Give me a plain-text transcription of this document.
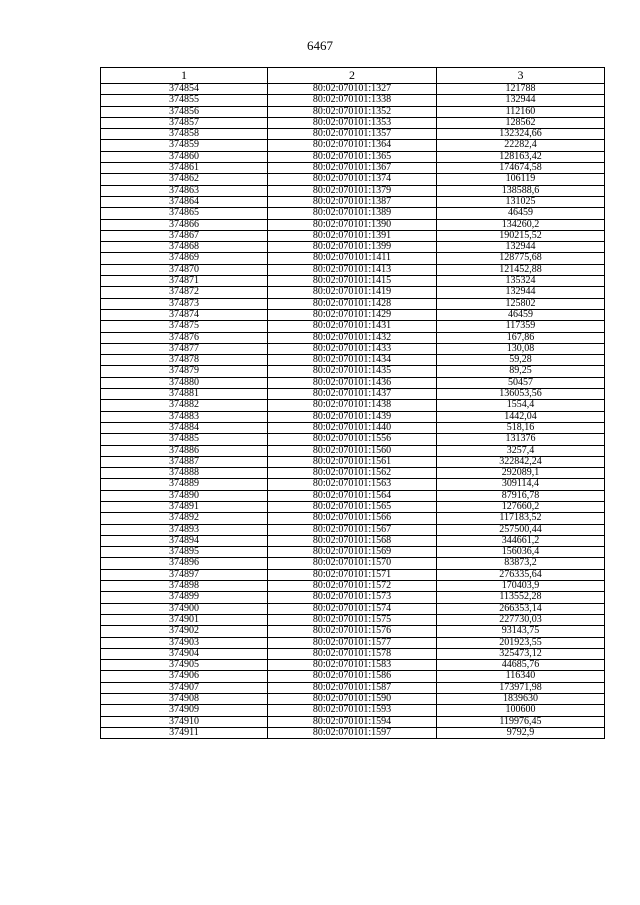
6467
1	2	3
374854	80:02:070101:1327	121788
374855	80:02:070101:1338	132944
374856	80:02:070101:1352	112160
374857	80:02:070101:1353	128562
374858	80:02:070101:1357	132324,66
374859	80:02:070101:1364	22282,4
374860	80:02:070101:1365	128163,42
374861	80:02:070101:1367	174674,58
374862	80:02:070101:1374	106119
374863	80:02:070101:1379	138588,6
374864	80:02:070101:1387	131025
374865	80:02:070101:1389	46459
374866	80:02:070101:1390	134260,2
374867	80:02:070101:1391	190215,52
374868	80:02:070101:1399	132944
374869	80:02:070101:1411	128775,68
374870	80:02:070101:1413	121452,88
374871	80:02:070101:1415	135324
374872	80:02:070101:1419	132944
374873	80:02:070101:1428	125802
374874	80:02:070101:1429	46459
374875	80:02:070101:1431	117359
374876	80:02:070101:1432	167,86
374877	80:02:070101:1433	130,08
374878	80:02:070101:1434	59,28
374879	80:02:070101:1435	89,25
374880	80:02:070101:1436	50457
374881	80:02:070101:1437	136053,56
374882	80:02:070101:1438	1554,4
374883	80:02:070101:1439	1442,04
374884	80:02:070101:1440	518,16
374885	80:02:070101:1556	131376
374886	80:02:070101:1560	3257,4
374887	80:02:070101:1561	322842,24
374888	80:02:070101:1562	292089,1
374889	80:02:070101:1563	309114,4
374890	80:02:070101:1564	87916,78
374891	80:02:070101:1565	127660,2
374892	80:02:070101:1566	117183,52
374893	80:02:070101:1567	257500,44
374894	80:02:070101:1568	344661,2
374895	80:02:070101:1569	156036,4
374896	80:02:070101:1570	83873,2
374897	80:02:070101:1571	276335,64
374898	80:02:070101:1572	170403,9
374899	80:02:070101:1573	113552,28
374900	80:02:070101:1574	266353,14
374901	80:02:070101:1575	227730,03
374902	80:02:070101:1576	93143,75
374903	80:02:070101:1577	201923,55
374904	80:02:070101:1578	325473,12
374905	80:02:070101:1583	44685,76
374906	80:02:070101:1586	116340
374907	80:02:070101:1587	173971,98
374908	80:02:070101:1590	1839630
374909	80:02:070101:1593	100600
374910	80:02:070101:1594	119976,45
374911	80:02:070101:1597	9792,9
